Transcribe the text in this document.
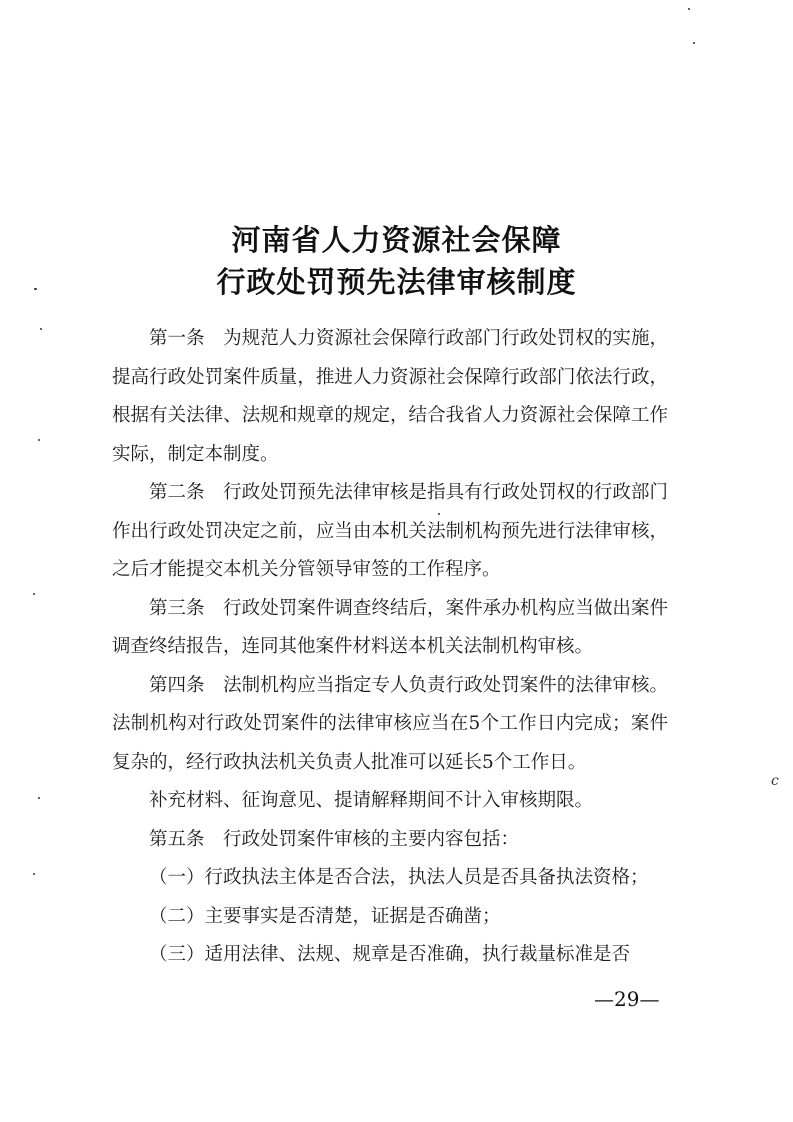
河南省人力资源社会保障
行政处罚预先法律审核制度

第一条　为规范人力资源社会保障行政部门行政处罚权的实施，提高行政处罚案件质量，推进人力资源社会保障行政部门依法行政，根据有关法律、法规和规章的规定，结合我省人力资源社会保障工作实际，制定本制度。

第二条　行政处罚预先法律审核是指具有行政处罚权的行政部门作出行政处罚决定之前，应当由本机关法制机构预先进行法律审核，之后才能提交本机关分管领导审签的工作程序。

第三条　行政处罚案件调查终结后，案件承办机构应当做出案件调查终结报告，连同其他案件材料送本机关法制机构审核。

第四条　法制机构应当指定专人负责行政处罚案件的法律审核。法制机构对行政处罚案件的法律审核应当在5个工作日内完成；案件复杂的，经行政执法机关负责人批准可以延长5个工作日。

补充材料、征询意见、提请解释期间不计入审核期限。

第五条　行政处罚案件审核的主要内容包括：

（一）行政执法主体是否合法，执法人员是否具备执法资格；

（二）主要事实是否清楚，证据是否确凿；

（三）适用法律、法规、规章是否准确，执行裁量标准是否

—29—
c
